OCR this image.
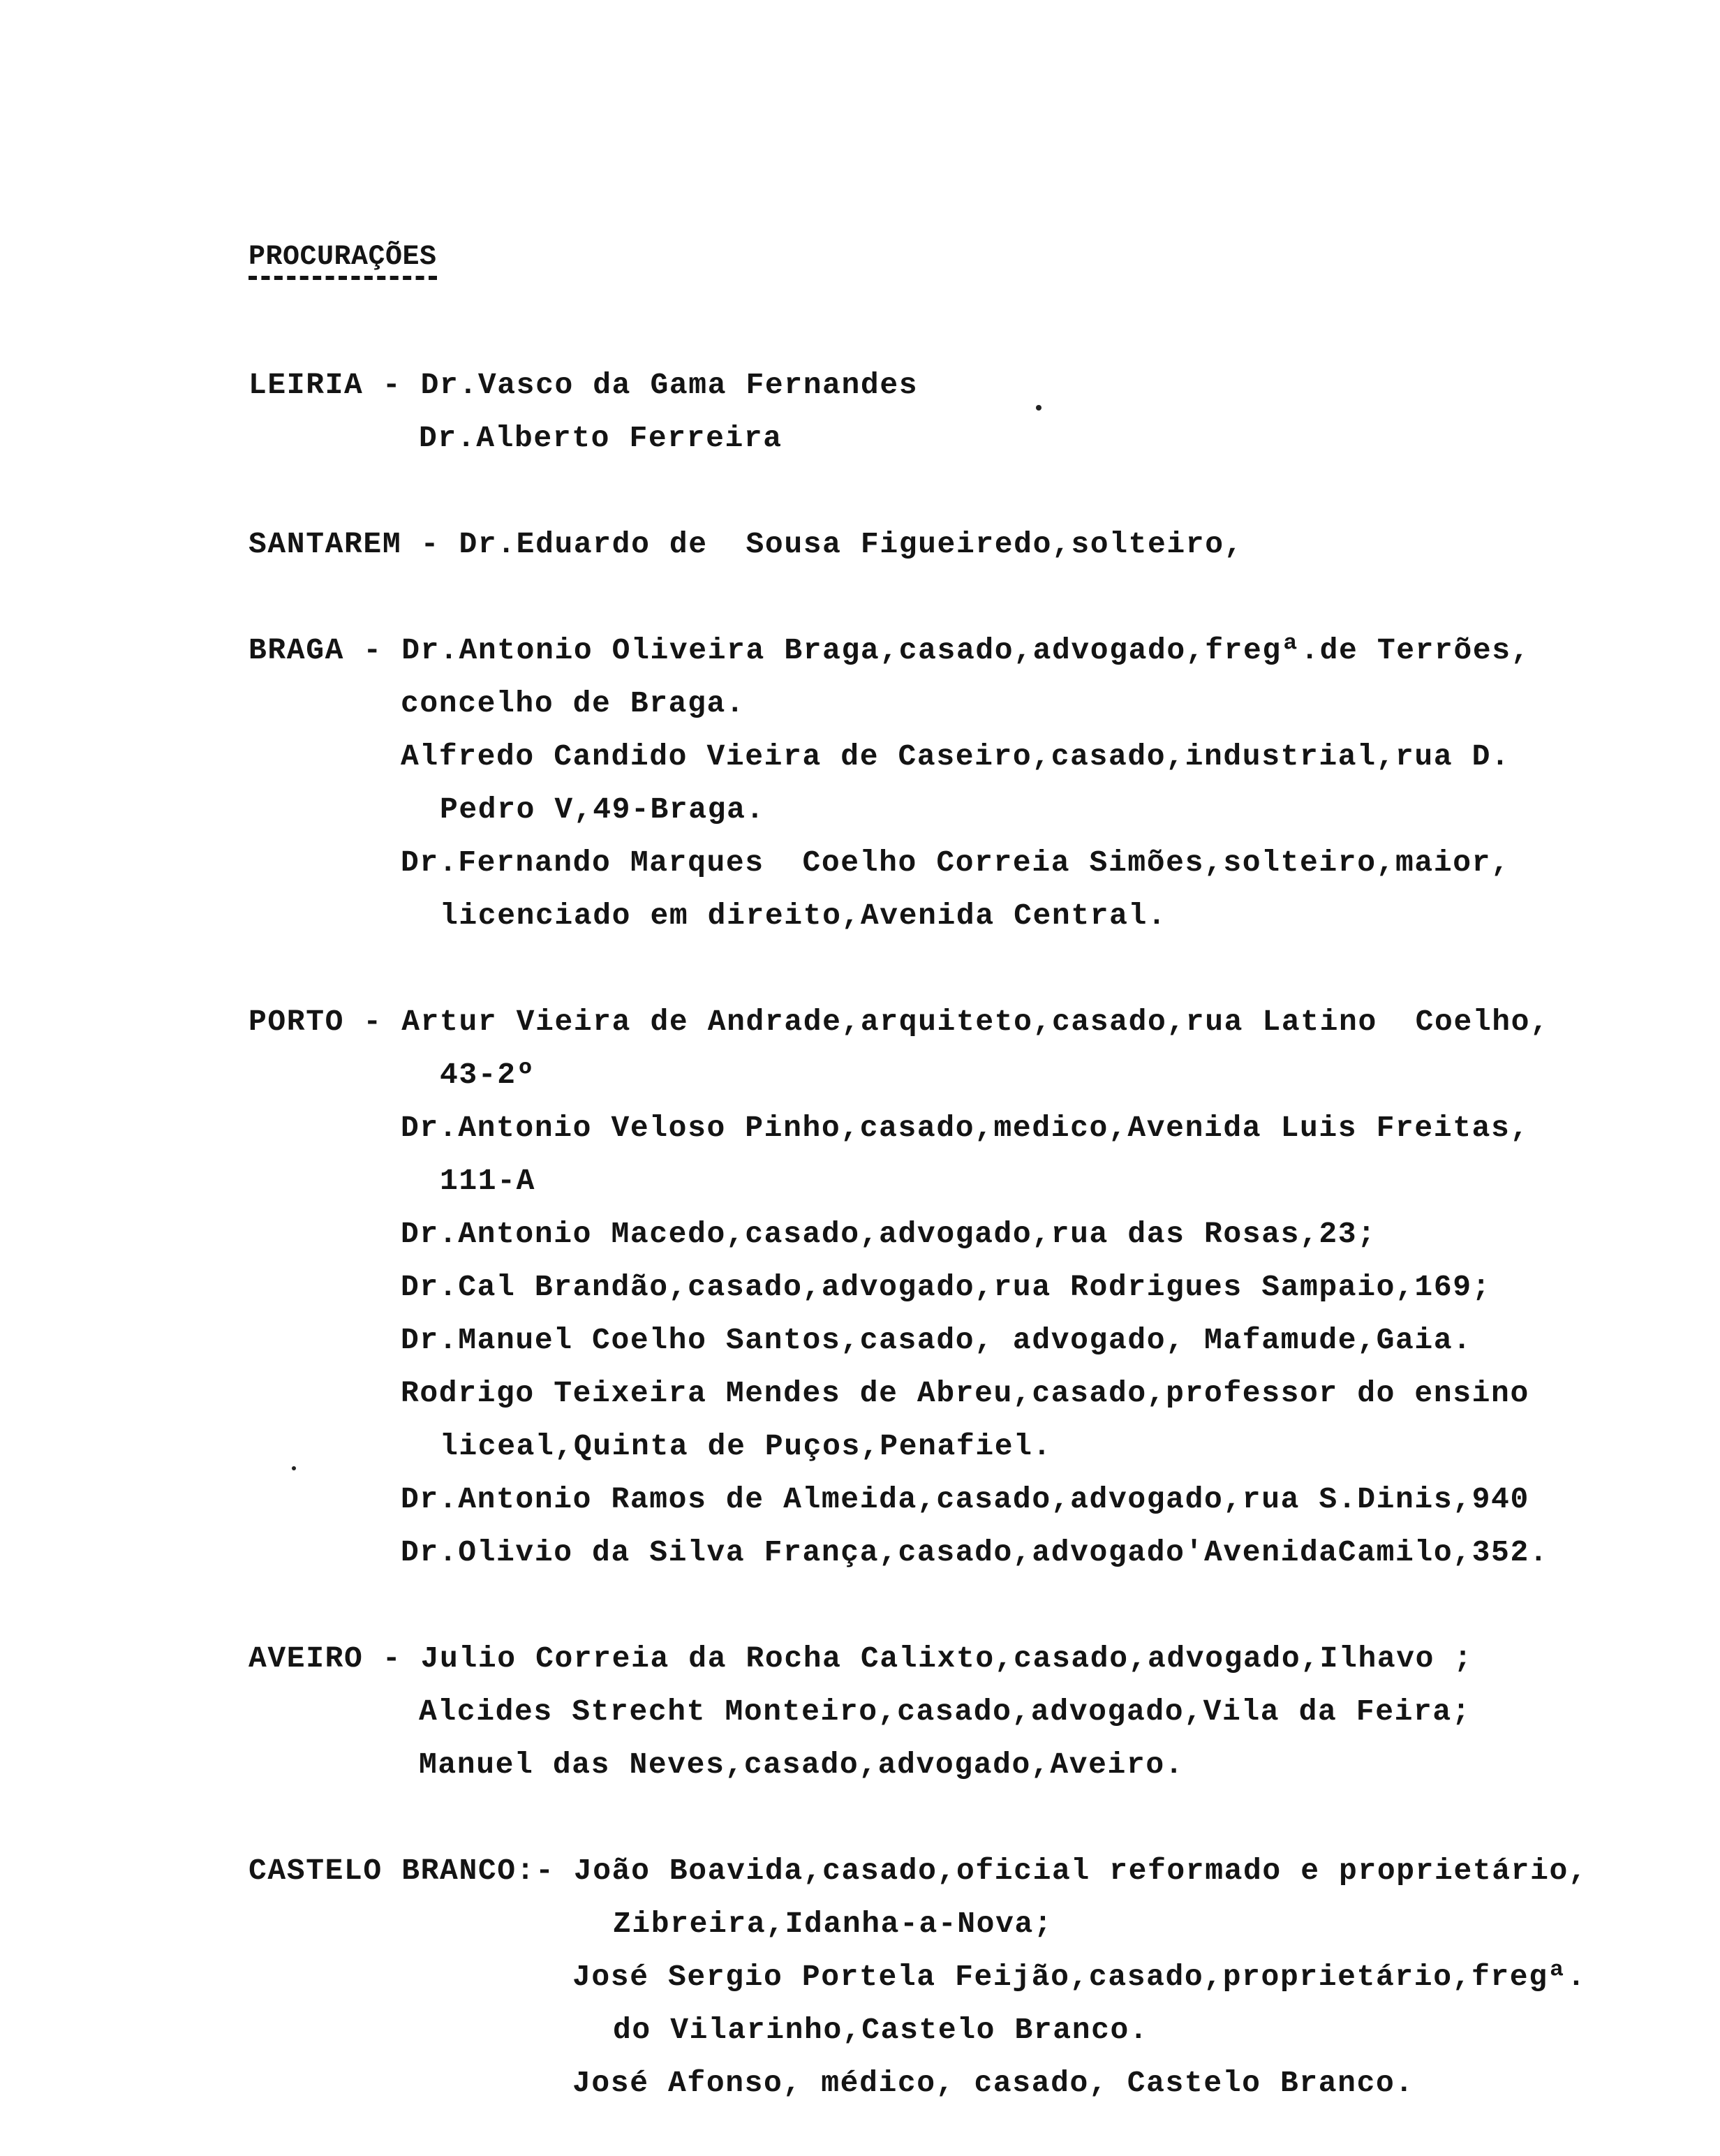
PROCURAÇÕES
LEIRIA - Dr.Vasco da Gama Fernandes
Dr.Alberto Ferreira
SANTAREM - Dr.Eduardo de  Sousa Figueiredo,solteiro,
BRAGA - Dr.Antonio Oliveira Braga,casado,advogado,fregª.de Terrões,
concelho de Braga.
Alfredo Candido Vieira de Caseiro,casado,industrial,rua D.
Pedro V,49-Braga.
Dr.Fernando Marques  Coelho Correia Simões,solteiro,maior,
licenciado em direito,Avenida Central.
PORTO - Artur Vieira de Andrade,arquiteto,casado,rua Latino  Coelho,
43-2º
Dr.Antonio Veloso Pinho,casado,medico,Avenida Luis Freitas,
111-A
Dr.Antonio Macedo,casado,advogado,rua das Rosas,23;
Dr.Cal Brandão,casado,advogado,rua Rodrigues Sampaio,169;
Dr.Manuel Coelho Santos,casado, advogado, Mafamude,Gaia.
Rodrigo Teixeira Mendes de Abreu,casado,professor do ensino
liceal,Quinta de Puços,Penafiel.
Dr.Antonio Ramos de Almeida,casado,advogado,rua S.Dinis,940
Dr.Olivio da Silva França,casado,advogado'AvenidaCamilo,352.
AVEIRO - Julio Correia da Rocha Calixto,casado,advogado,Ilhavo ;
Alcides Strecht Monteiro,casado,advogado,Vila da Feira;
Manuel das Neves,casado,advogado,Aveiro.
CASTELO BRANCO:- João Boavida,casado,oficial reformado e proprietário,
Zibreira,Idanha-a-Nova;
José Sergio Portela Feijão,casado,proprietário,fregª.
do Vilarinho,Castelo Branco.
José Afonso, médico, casado, Castelo Branco.
